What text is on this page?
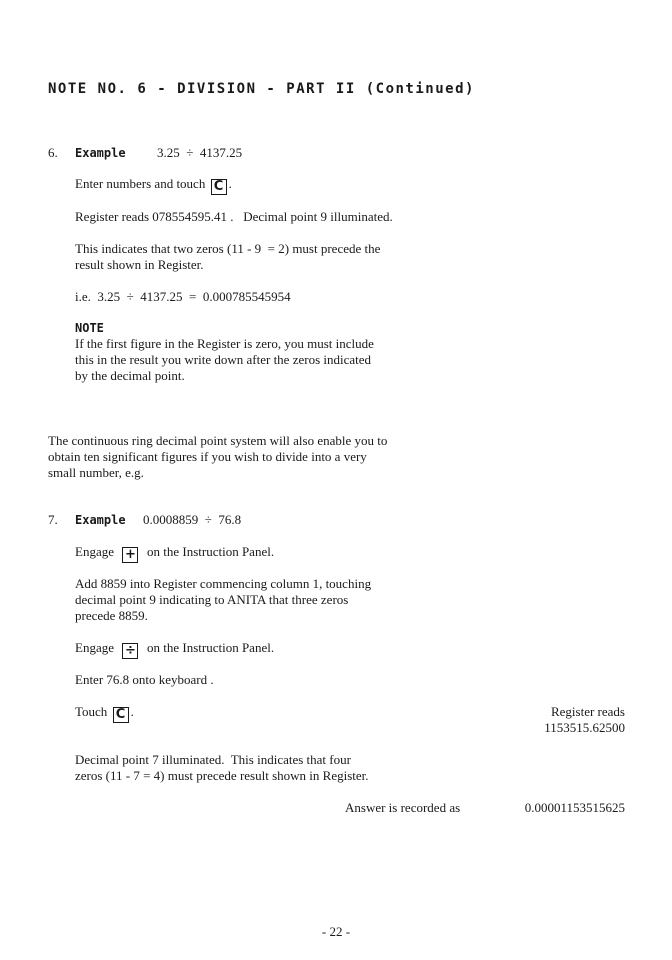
NOTE NO. 6 - DIVISION - PART II (Continued)
6. Example 3.25  ÷  4137.25
Enter numbers and touch C .
Register reads 078554595.41 .   Decimal point 9 illuminated.
This indicates that two zeros (11 - 9  = 2) must precede the
result shown in Register.
i.e.  3.25  ÷  4137.25  =  0.000785545954
NOTE
If the first figure in the Register is zero, you must include
this in the result you write down after the zeros indicated
by the decimal point.
The continuous ring decimal point system will also enable you to
obtain ten significant figures if you wish to divide into a very
small number, e.g.
7. Example 0.0008859  ÷  76.8
Engage + on the Instruction Panel.
Add 8859 into Register commencing column 1, touching
decimal point 9 indicating to ANITA that three zeros
precede 8859.
Engage ÷ on the Instruction Panel.
Enter 76.8 onto keyboard .
Touch C .	Register reads
1153515.62500
Decimal point 7 illuminated.  This indicates that four
zeros (11 - 7 = 4) must precede result shown in Register.
Answer is recorded as	0.00001153515625
- 22 -
